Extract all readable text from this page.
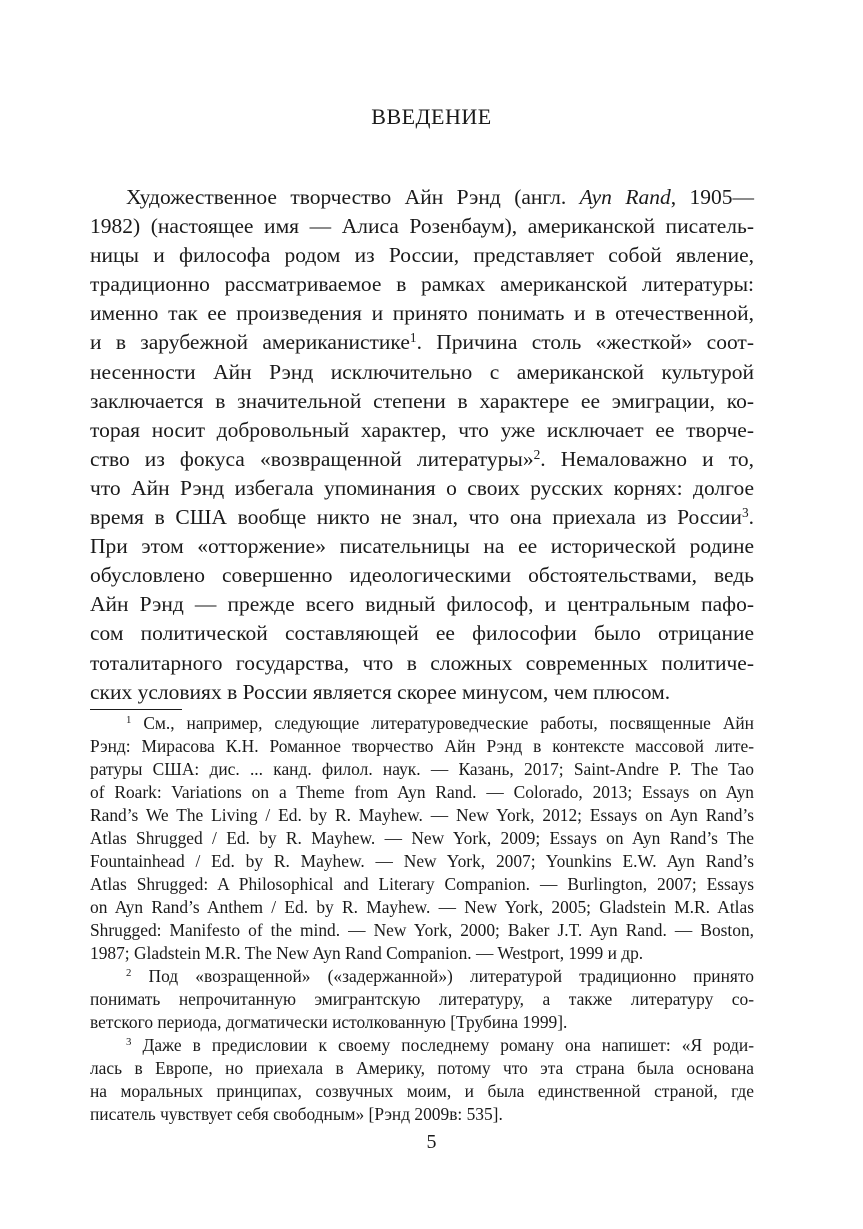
ВВЕДЕНИЕ
Художественное творчество Айн Рэнд (англ. Ayn Rand, 1905—
1982) (настоящее имя — Алиса Розенбаум), американской писатель-
ницы и философа родом из России, представляет собой явление,
традиционно рассматриваемое в рамках американской литературы:
именно так ее произведения и принято понимать и в отечественной,
и в зарубежной американистике$^1$. Причина столь «жесткой» соот-
несенности Айн Рэнд исключительно с американской культурой
заключается в значительной степени в характере ее эмиграции, ко-
торая носит добровольный характер, что уже исключает ее творче-
ство из фокуса «возвращенной литературы»$^2$. Немаловажно и то,
что Айн Рэнд избегала упоминания о своих русских корнях: долгое
время в США вообще никто не знал, что она приехала из России$^3$.
При этом «отторжение» писательницы на ее исторической родине
обусловлено совершенно идеологическими обстоятельствами, ведь
Айн Рэнд — прежде всего видный философ, и центральным пафо-
сом политической составляющей ее философии было отрицание
тоталитарного государства, что в сложных современных политиче-
ских условиях в России является скорее минусом, чем плюсом.
$^1$ См., например, следующие литературоведческие работы, посвященные Айн
Рэнд: Мирасова К.Н. Романное творчество Айн Рэнд в контексте массовой лите-
ратуры США: дис. ... канд. филол. наук. — Казань, 2017; Saint-Andre P. The Tao
of Roark: Variations on a Theme from Ayn Rand. — Colorado, 2013; Essays on Ayn
Rand’s We The Living / Ed. by R. Mayhew. — New York, 2012; Essays on Ayn Rand’s
Atlas Shrugged / Ed. by R. Mayhew. — New York, 2009; Essays on Ayn Rand’s The
Fountainhead / Ed. by R. Mayhew. — New York, 2007; Younkins E.W. Ayn Rand’s
Atlas Shrugged: A Philosophical and Literary Companion. — Burlington, 2007; Essays
on Ayn Rand’s Anthem / Ed. by R. Mayhew. — New York, 2005; Gladstein M.R. Atlas
Shrugged: Manifesto of the mind. — New York, 2000; Baker J.T. Ayn Rand. — Boston,
1987; Gladstein M.R. The New Ayn Rand Companion. — Westport, 1999 и др.
$^2$ Под «возращенной» («задержанной») литературой традиционно принято
понимать непрочитанную эмигрантскую литературу, а также литературу со-
ветского периода, догматически истолкованную [Трубина 1999].
$^3$ Даже в предисловии к своему последнему роману она напишет: «Я роди-
лась в Европе, но приехала в Америку, потому что эта страна была основана
на моральных принципах, созвучных моим, и была единственной страной, где
писатель чувствует себя свободным» [Рэнд 2009в: 535].
5
